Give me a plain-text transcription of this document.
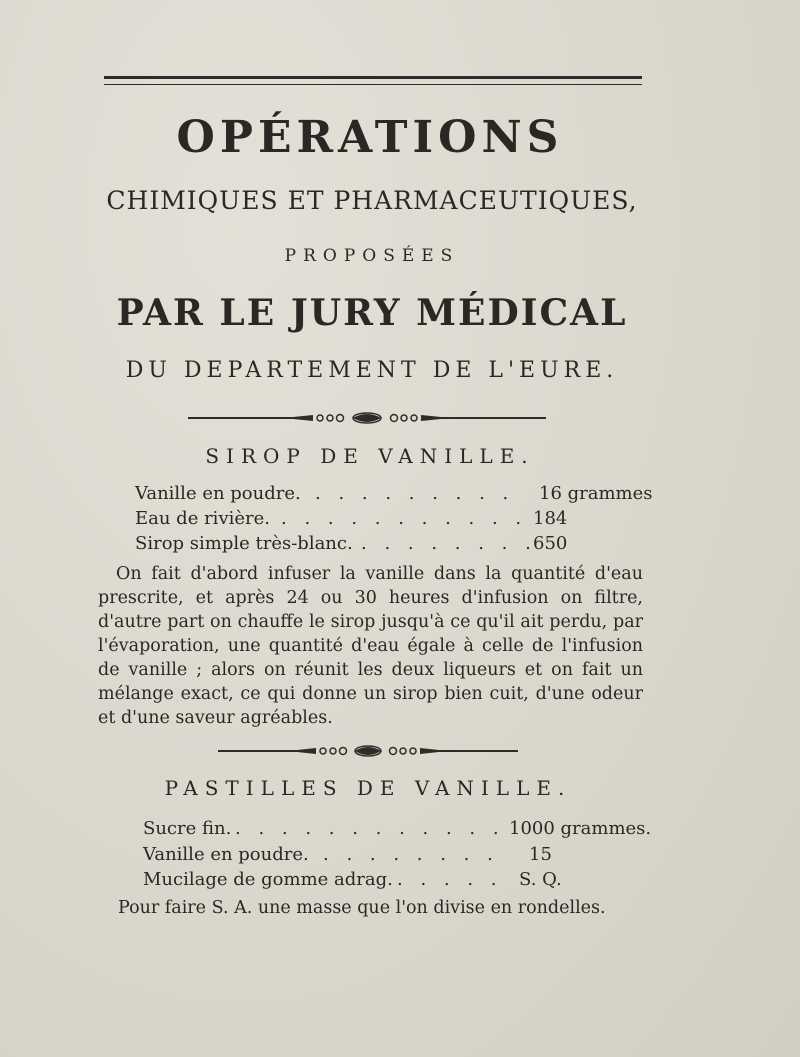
OPÉRATIONS
CHIMIQUES ET PHARMACEUTIQUES,
PROPOSÉES
PAR LE JURY MÉDICAL
DU DEPARTEMENT DE L'EURE.
SIROP DE VANILLE.
Vanille en poudre. . . . . . . . . . 16 grammes
Eau de rivière. . . . . . . . . . . . 184
Sirop simple très-blanc. . . . . . . . .
650
On fait d'abord infuser la vanille dans la quantité d'eau prescrite, et après 24 ou 30 heures d'infusion on filtre, d'autre part on chauffe le sirop jusqu'à ce qu'il ait perdu, par l'évaporation, une quantité d'eau égale à celle de l'infusion de vanille ; alors on réunit les deux liqueurs et on fait un mélange exact, ce qui donne un sirop bien cuit, d'une odeur et d'une saveur agréables.
PASTILLES DE VANILLE.
Sucre fin. . . . . . . . . . . . . 1000 grammes.
Vanille en poudre. . . . . . . . . 15
Mucilage de gomme adrag. . . . . . S. Q.
Pour faire S. A. une masse que l'on divise en rondelles.
